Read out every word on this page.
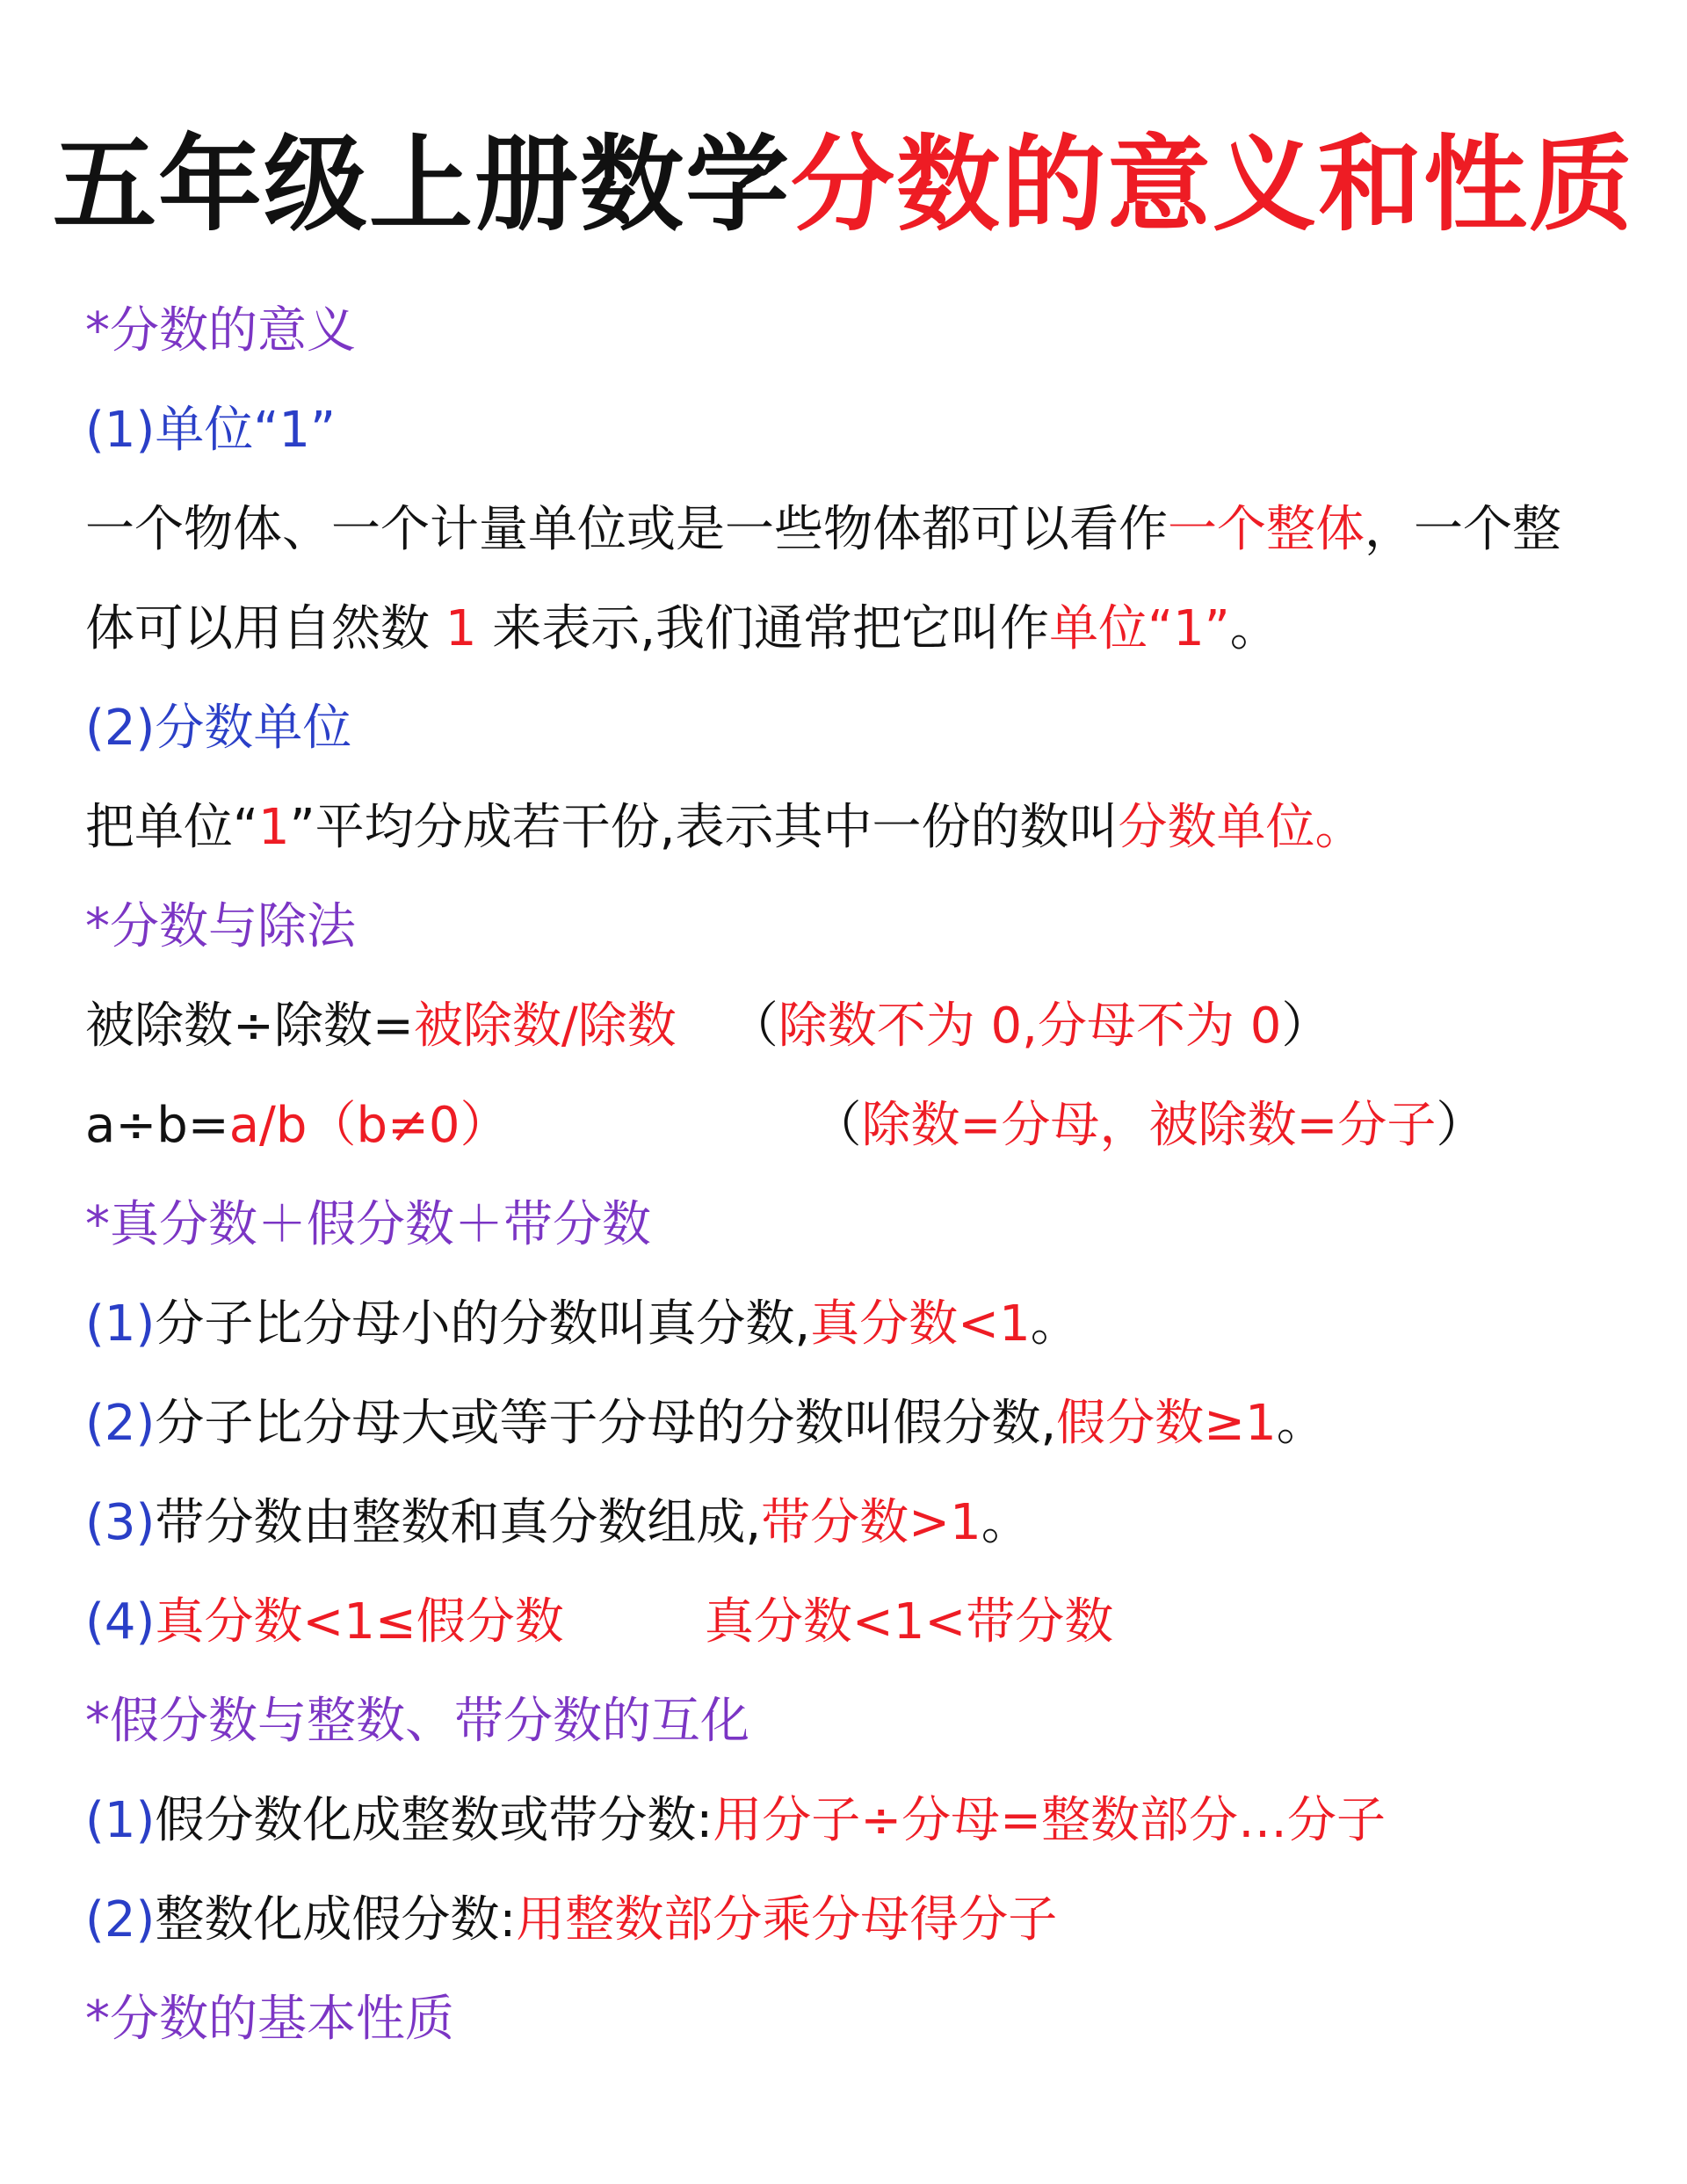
五年级上册数学分数的意义和性质
*分数的意义
(1)单位“1”
一个物体、一个计量单位或是一些物体都可以看作一个整体，一个整
体可以用自然数 1 来表示,我们通常把它叫作单位“1”。
(2)分数单位
把单位“1”平均分成若干份,表示其中一份的数叫分数单位。
*分数与除法
被除数÷除数=被除数/除数 （除数不为 0,分母不为 0）
a÷b=a/b（b≠0）	（除数=分母，被除数=分子）
*真分数＋假分数＋带分数
(1)分子比分母小的分数叫真分数,真分数<1。
(2)分子比分母大或等于分母的分数叫假分数,假分数≥1。
(3)带分数由整数和真分数组成,带分数>1。
(4)真分数<1≤假分数	真分数<1<带分数
*假分数与整数、带分数的互化
(1)假分数化成整数或带分数:用分子÷分母=整数部分…分子
(2)整数化成假分数:用整数部分乘分母得分子
*分数的基本性质
